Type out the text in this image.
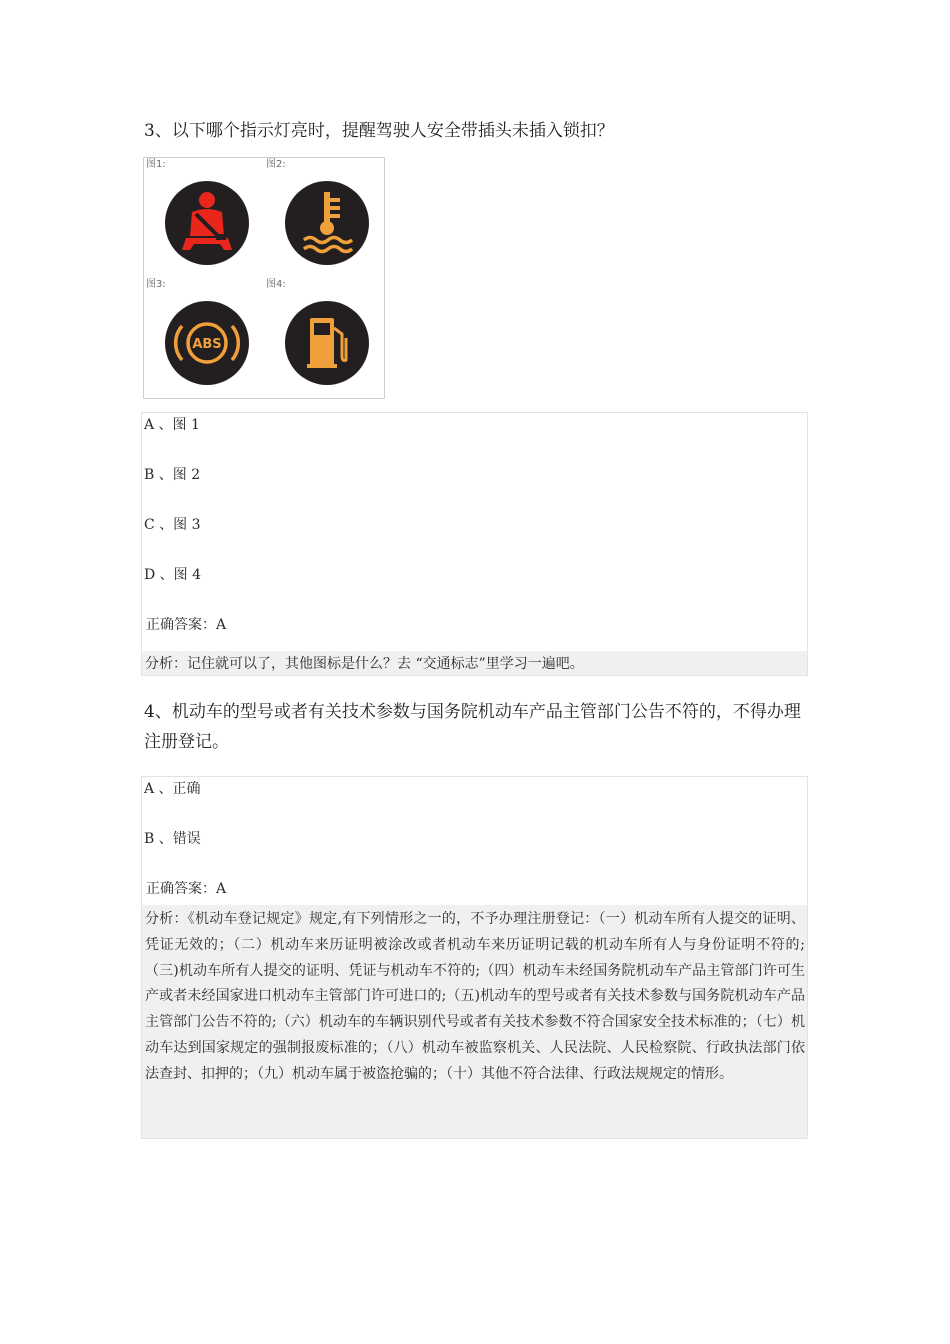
3、以下哪个指示灯亮时，提醒驾驶人安全带插头未插入锁扣？

图1:	图2:
图3:
ABS
图4:
A 、图 1
B 、图 2
C 、图 3
D 、图 4
正确答案：A
分析：记住就可以了，其他图标是什么？去 “交通标志”里学习一遍吧。

4、机动车的型号或者有关技术参数与国务院机动车产品主管部门公告不符的，不得办理注册登记。

A 、正确
B 、错误
正确答案：A
分析：《机动车登记规定》规定,有下列情形之一的，不予办理注册登记：（一）机动车所有人提交的证明、凭证无效的；（二）机动车来历证明被涂改或者机动车来历证明记载的机动车所有人与身份证明不符的;（三)机动车所有人提交的证明、凭证与机动车不符的;（四）机动车未经国务院机动车产品主管部门许可生产或者未经国家进口机动车主管部门许可进口的;（五)机动车的型号或者有关技术参数与国务院机动车产品主管部门公告不符的;（六）机动车的车辆识别代号或者有关技术参数不符合国家安全技术标准的；（七）机动车达到国家规定的强制报废标准的；（八）机动车被监察机关、人民法院、人民检察院、行政执法部门依法查封、扣押的；（九）机动车属于被盗抢骗的；（十）其他不符合法律、行政法规规定的情形。
